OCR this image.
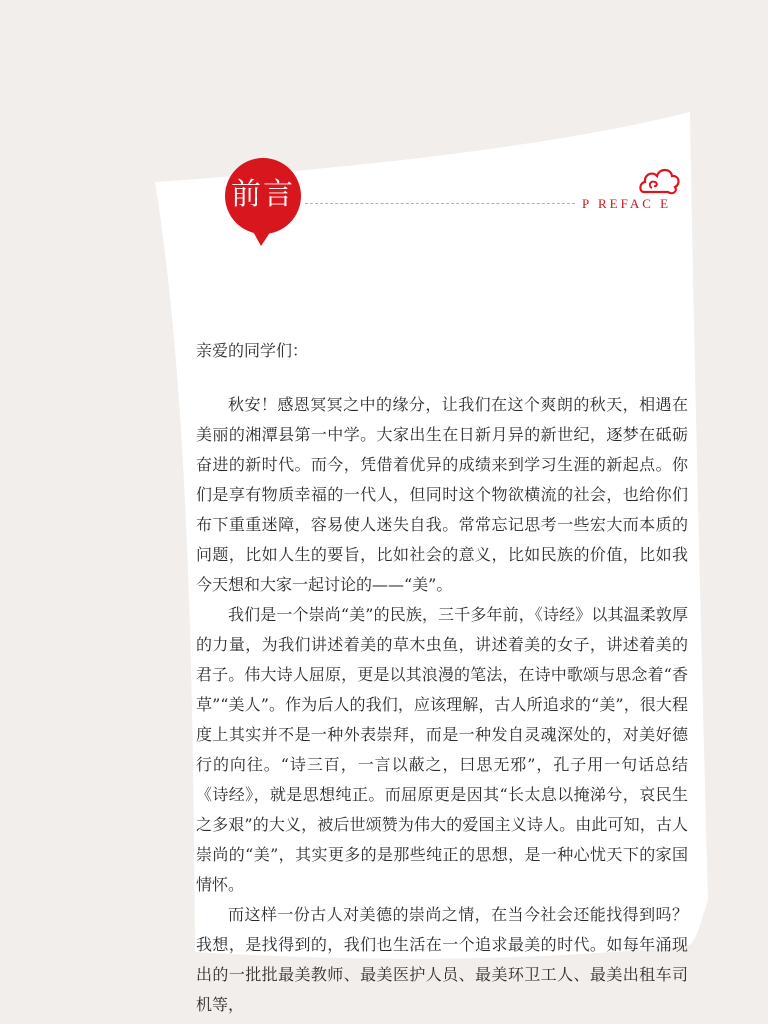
前言	P REFAC E

亲爱的同学们：

秋安！感恩冥冥之中的缘分，让我们在这个爽朗的秋天，相遇在美丽的湘潭县第一中学。大家出生在日新月异的新世纪，逐梦在砥砺奋进的新时代。而今，凭借着优异的成绩来到学习生涯的新起点。你们是享有物质幸福的一代人，但同时这个物欲横流的社会，也给你们布下重重迷障，容易使人迷失自我。常常忘记思考一些宏大而本质的问题，比如人生的要旨，比如社会的意义，比如民族的价值，比如我今天想和大家一起讨论的——“美”。

我们是一个崇尚“美”的民族，三千多年前，《诗经》以其温柔敦厚的力量，为我们讲述着美的草木虫鱼，讲述着美的女子，讲述着美的君子。伟大诗人屈原，更是以其浪漫的笔法，在诗中歌颂与思念着“香草”“美人”。作为后人的我们，应该理解，古人所追求的“美”，很大程度上其实并不是一种外表崇拜，而是一种发自灵魂深处的，对美好德行的向往。“诗三百，一言以蔽之，曰思无邪”，孔子用一句话总结《诗经》，就是思想纯正。而屈原更是因其“长太息以掩涕兮，哀民生之多艰”的大义，被后世颂赞为伟大的爱国主义诗人。由此可知，古人崇尚的“美”，其实更多的是那些纯正的思想，是一种心忧天下的家国情怀。

而这样一份古人对美德的崇尚之情，在当今社会还能找得到吗？我想，是找得到的，我们也生活在一个追求最美的时代。如每年涌现出的一批批最美教师、最美医护人员、最美环卫工人、最美出租车司机等，
